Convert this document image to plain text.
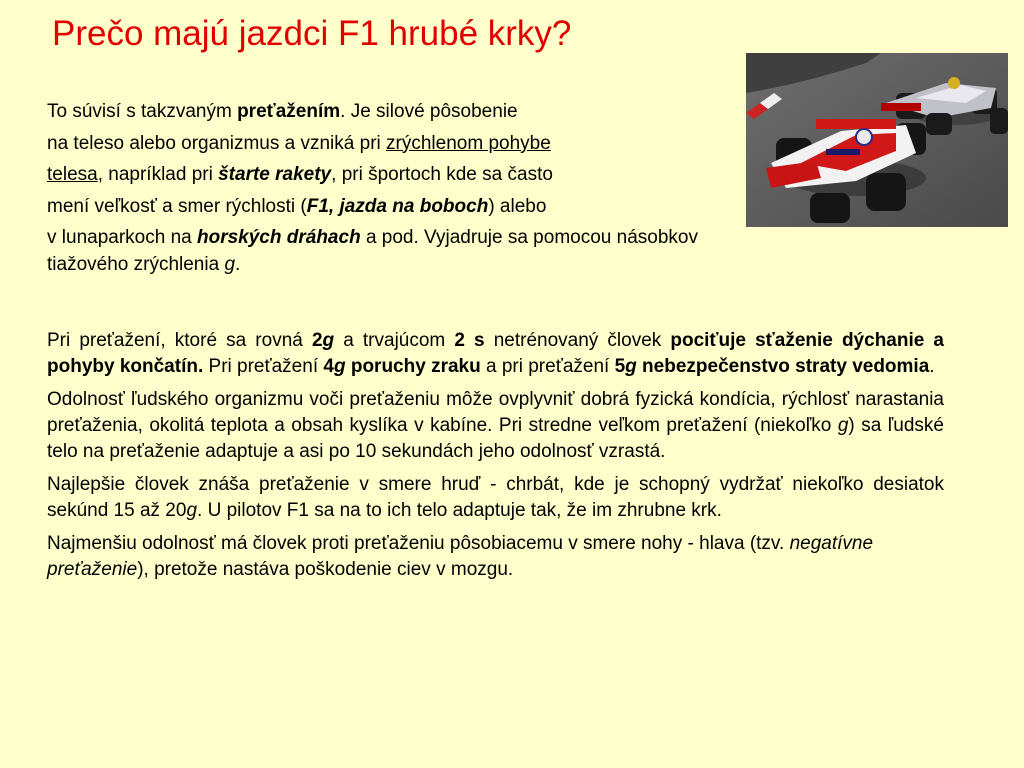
Prečo majú jazdci F1 hrubé krky?
To súvisí s takzvaným preťažením. Je silové pôsobenie
na teleso alebo organizmus a vzniká pri zrýchlenom pohybe
telesa, napríklad pri štarte rakety, pri športoch kde sa často
mení veľkosť a smer rýchlosti (F1, jazda na boboch) alebo
v lunaparkoch na horských dráhach a pod. Vyjadruje sa pomocou násobkov
tiažového zrýchlenia g.

Pri preťažení, ktoré sa rovná 2g a trvajúcom 2 s netrénovaný človek pociťuje sťaženie dýchanie a pohyby končatín. Pri preťažení 4g poruchy zraku a pri preťažení 5g nebezpečenstvo straty vedomia.

Odolnosť ľudského organizmu voči preťaženiu môže ovplyvniť dobrá fyzická kondícia, rýchlosť narastania preťaženia, okolitá teplota a obsah kyslíka v kabíne. Pri stredne veľkom preťažení (niekoľko g) sa ľudské telo na preťaženie adaptuje a asi po 10 sekundách jeho odolnosť vzrastá.

Najlepšie človek znáša preťaženie v smere hruď - chrbát, kde je schopný vydržať niekoľko desiatok sekúnd 15 až 20g. U pilotov F1 sa na to ich telo adaptuje tak, že im zhrubne krk.

Najmenšiu odolnosť má človek proti preťaženiu pôsobiacemu v smere nohy - hlava (tzv. negatívne preťaženie), pretože nastáva poškodenie ciev v mozgu.
